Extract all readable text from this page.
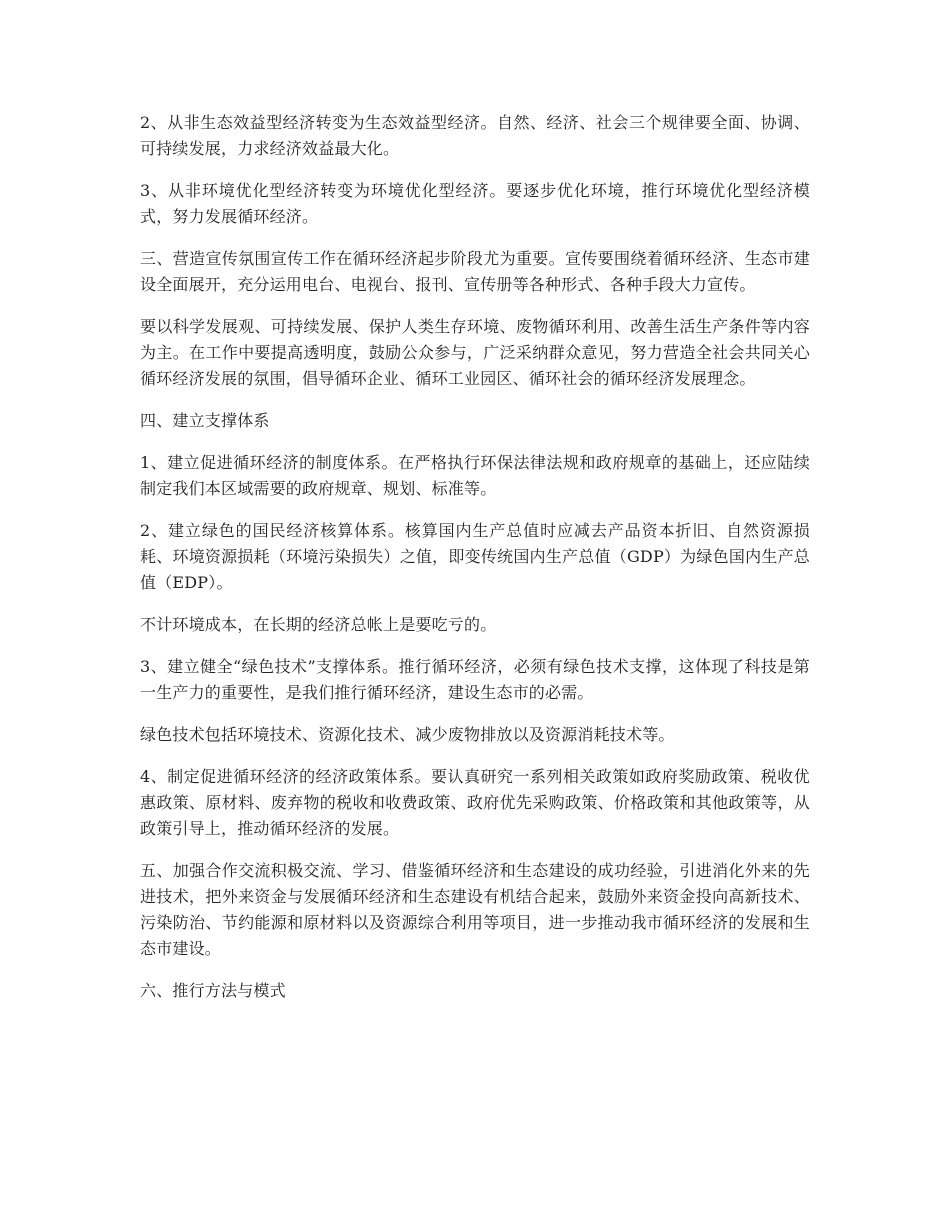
2、从非生态效益型经济转变为生态效益型经济。自然、经济、社会三个规律要全面、协调、可持续发展，力求经济效益最大化。

3、从非环境优化型经济转变为环境优化型经济。要逐步优化环境，推行环境优化型经济模式，努力发展循环经济。

三、营造宣传氛围宣传工作在循环经济起步阶段尤为重要。宣传要围绕着循环经济、生态市建设全面展开，充分运用电台、电视台、报刊、宣传册等各种形式、各种手段大力宣传。

要以科学发展观、可持续发展、保护人类生存环境、废物循环利用、改善生活生产条件等内容为主。在工作中要提高透明度，鼓励公众参与，广泛采纳群众意见，努力营造全社会共同关心循环经济发展的氛围，倡导循环企业、循环工业园区、循环社会的循环经济发展理念。

四、建立支撑体系

1、建立促进循环经济的制度体系。在严格执行环保法律法规和政府规章的基础上，还应陆续制定我们本区域需要的政府规章、规划、标准等。

2、建立绿色的国民经济核算体系。核算国内生产总值时应减去产品资本折旧、自然资源损耗、环境资源损耗（环境污染损失）之值，即变传统国内生产总值（GDP）为绿色国内生产总值（EDP）。

不计环境成本，在长期的经济总帐上是要吃亏的。

3、建立健全“绿色技术”支撑体系。推行循环经济，必须有绿色技术支撑，这体现了科技是第一生产力的重要性，是我们推行循环经济，建设生态市的必需。

绿色技术包括环境技术、资源化技术、减少废物排放以及资源消耗技术等。

4、制定促进循环经济的经济政策体系。要认真研究一系列相关政策如政府奖励政策、税收优惠政策、原材料、废弃物的税收和收费政策、政府优先采购政策、价格政策和其他政策等，从政策引导上，推动循环经济的发展。

五、加强合作交流积极交流、学习、借鉴循环经济和生态建设的成功经验，引进消化外来的先进技术，把外来资金与发展循环经济和生态建设有机结合起来，鼓励外来资金投向高新技术、污染防治、节约能源和原材料以及资源综合利用等项目，进一步推动我市循环经济的发展和生态市建设。

六、推行方法与模式
